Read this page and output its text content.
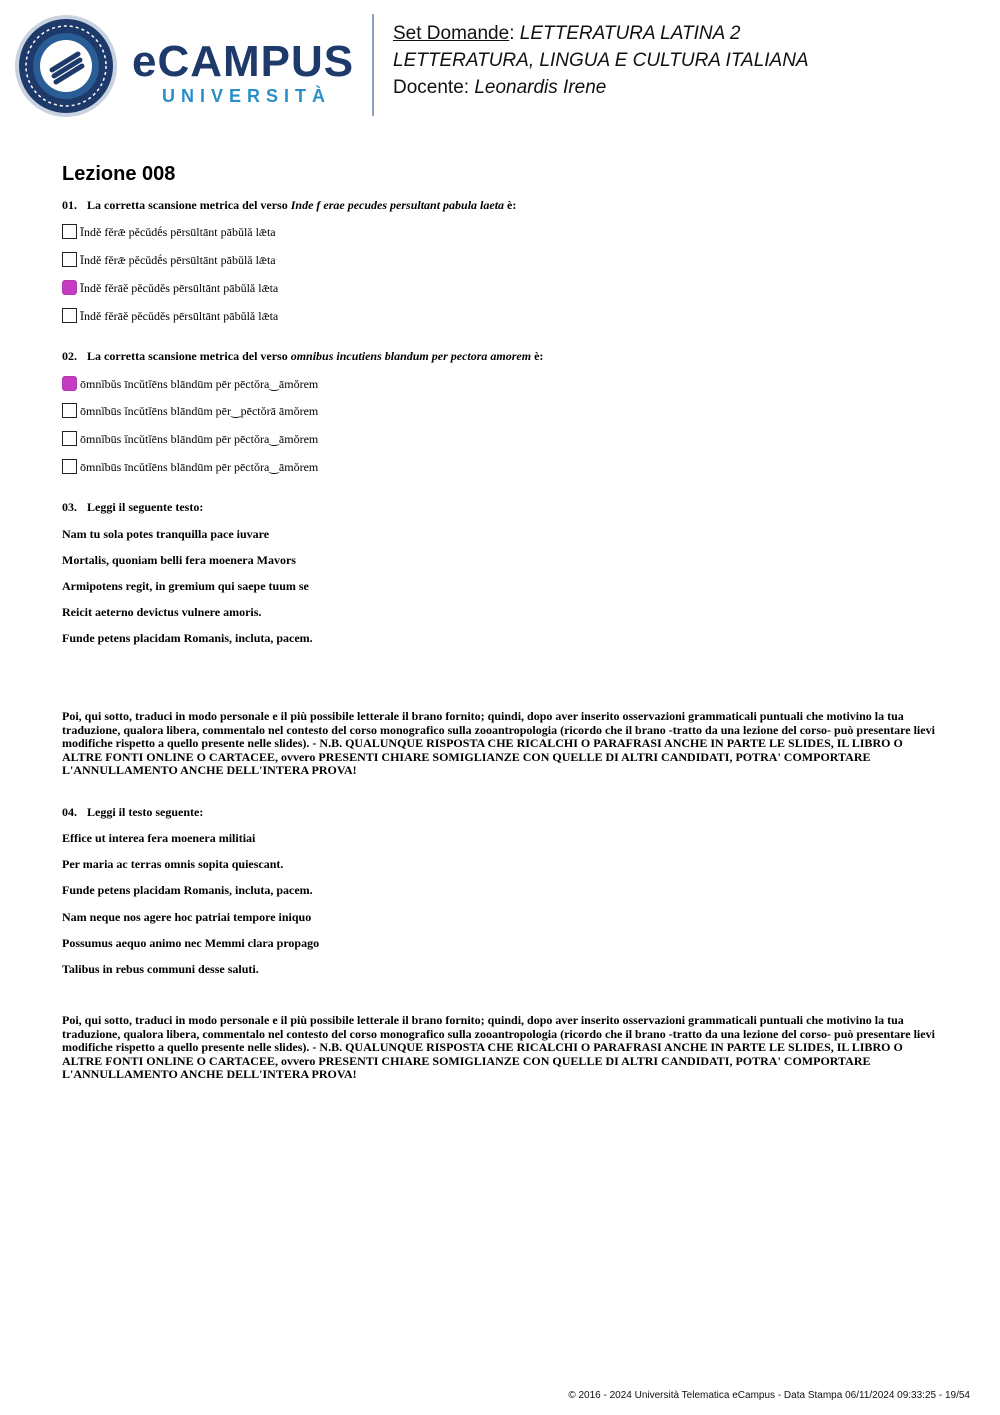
eCAMPUS
UNIVERSITÀ
Set Domande: LETTERATURA LATINA 2
LETTERATURA, LINGUA E CULTURA ITALIANA
Docente: Leonardis Irene
Lezione 008
01. La corretta scansione metrica del verso Inde f erae pecudes persultant pabula laeta è:
Īndĕ fĕrǣ pĕcŭdḗs pērsūltānt pābŭlă lǣta
Īndĕ fĕrǣ pĕcŭdḗs pērsūltānt pābŭlă lǣta
Īndĕ fĕrāĕ pĕcŭdĕs pērsūltānt pābŭlă lǣta
Īndĕ fĕrāĕ pĕcŭdĕs pērsūltānt pābŭlă lǣta
02. La corretta scansione metrica del verso omnibus incutiens blandum per pectora amorem è:
ōmnĭbŭs īncŭtĭēns blāndūm pēr pēctŏra‿āmŏrem
ōmnĭbūs ĭncŭtĭēns blāndūm pēr‿pēctŏrā āmŏrem
ōmnĭbūs ĭncŭtĭēns blāndūm pēr pēctŏra‿āmŏrem
ōmnĭbūs īncŭtĭēns blāndūm pēr pēctŏra‿āmŏrem
03. Leggi il seguente testo:
Nam tu sola potes tranquilla pace iuvare
Mortalis, quoniam belli fera moenera Mavors
Armipotens regit, in gremium qui saepe tuum se
Reicit aeterno devictus vulnere amoris.
Funde petens placidam Romanis, incluta, pacem.
Poi, qui sotto, traduci in modo personale e il più possibile letterale il brano fornito; quindi, dopo aver inserito osservazioni grammaticali puntuali che motivino la tua traduzione, qualora libera, commentalo nel contesto del corso monografico sulla zooantropologia (ricordo che il brano -tratto da una lezione del corso- può presentare lievi modifiche rispetto a quello presente nelle slides). - N.B. QUALUNQUE RISPOSTA CHE RICALCHI O PARAFRASI ANCHE IN PARTE LE SLIDES, IL LIBRO O ALTRE FONTI ONLINE O CARTACEE, ovvero PRESENTI CHIARE SOMIGLIANZE CON QUELLE DI ALTRI CANDIDATI, POTRA' COMPORTARE L'ANNULLAMENTO ANCHE DELL'INTERA PROVA!
04. Leggi il testo seguente:
Effice ut interea fera moenera militiai
Per maria ac terras omnis sopita quiescant.
Funde petens placidam Romanis, incluta, pacem.
Nam neque nos agere hoc patriai tempore iniquo
Possumus aequo animo nec Memmi clara propago
Talibus in rebus communi desse saluti.
Poi, qui sotto, traduci in modo personale e il più possibile letterale il brano fornito; quindi, dopo aver inserito osservazioni grammaticali puntuali che motivino la tua traduzione, qualora libera, commentalo nel contesto del corso monografico sulla zooantropologia (ricordo che il brano -tratto da una lezione del corso- può presentare lievi modifiche rispetto a quello presente nelle slides). - N.B. QUALUNQUE RISPOSTA CHE RICALCHI O PARAFRASI ANCHE IN PARTE LE SLIDES, IL LIBRO O ALTRE FONTI ONLINE O CARTACEE, ovvero PRESENTI CHIARE SOMIGLIANZE CON QUELLE DI ALTRI CANDIDATI, POTRA' COMPORTARE L'ANNULLAMENTO ANCHE DELL'INTERA PROVA!
© 2016 - 2024 Università Telematica eCampus - Data Stampa 06/11/2024 09:33:25 - 19/54
